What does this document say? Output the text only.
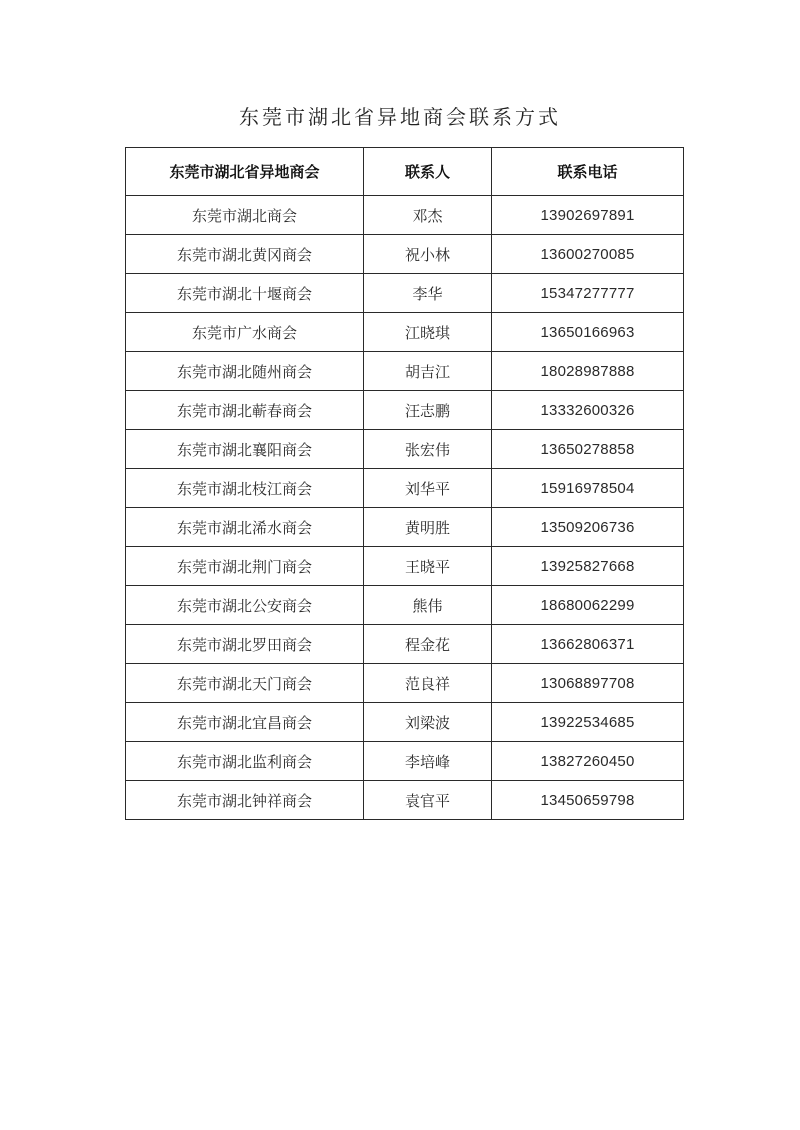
东莞市湖北省异地商会联系方式
东莞市湖北省异地商会	联系人	联系电话
东莞市湖北商会	邓杰	13902697891
东莞市湖北黄冈商会	祝小林	13600270085
东莞市湖北十堰商会	李华	15347277777
东莞市广水商会	江晓琪	13650166963
东莞市湖北随州商会	胡吉江	18028987888
东莞市湖北蕲春商会	汪志鹏	13332600326
东莞市湖北襄阳商会	张宏伟	13650278858
东莞市湖北枝江商会	刘华平	15916978504
东莞市湖北浠水商会	黄明胜	13509206736
东莞市湖北荆门商会	王晓平	13925827668
东莞市湖北公安商会	熊伟	18680062299
东莞市湖北罗田商会	程金花	13662806371
东莞市湖北天门商会	范良祥	13068897708
东莞市湖北宜昌商会	刘梁波	13922534685
东莞市湖北监利商会	李培峰	13827260450
东莞市湖北钟祥商会	袁官平	13450659798
